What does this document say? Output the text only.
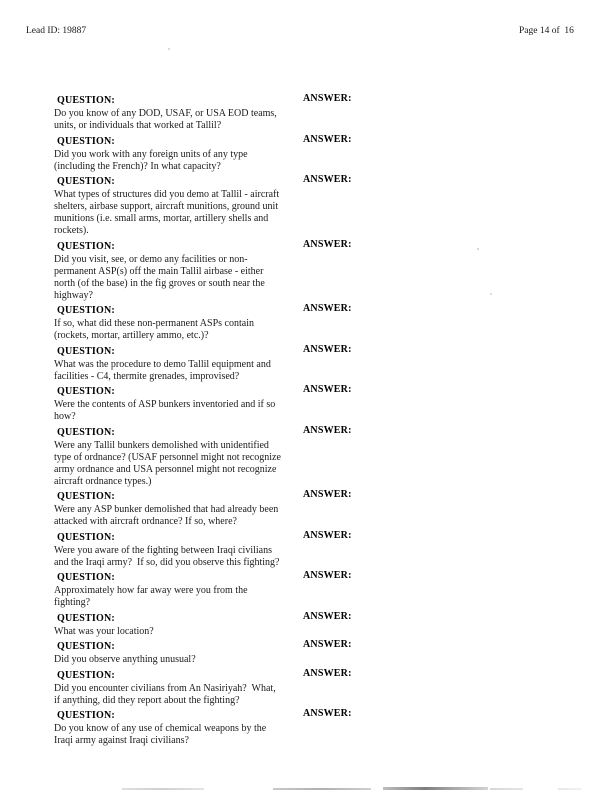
Lead ID: 19887	Page 14 of  16
QUESTION:	ANSWER:
Do you know of any DOD, USAF, or USA EOD teams,
units, or individuals that worked at Tallil?
QUESTION:	ANSWER:
Did you work with any foreign units of any type
(including the French)? In what capacity?
QUESTION:	ANSWER:
What types of structures did you demo at Tallil - aircraft
shelters, airbase support, aircraft munitions, ground unit
munitions (i.e. small arms, mortar, artillery shells and
rockets).
QUESTION:	ANSWER:
Did you visit, see, or demo any facilities or non-
permanent ASP(s) off the main Tallil airbase - either
north (of the base) in the fig groves or south near the
highway?
QUESTION:	ANSWER:
If so, what did these non-permanent ASPs contain
(rockets, mortar, artillery ammo, etc.)?
QUESTION:	ANSWER:
What was the procedure to demo Tallil equipment and
facilities - C4, thermite grenades, improvised?
QUESTION:	ANSWER:
Were the contents of ASP bunkers inventoried and if so
how?
QUESTION:	ANSWER:
Were any Tallil bunkers demolished with unidentified
type of ordnance? (USAF personnel might not recognize
army ordnance and USA personnel might not recognize
aircraft ordnance types.)
QUESTION:	ANSWER:
Were any ASP bunker demolished that had already been
attacked with aircraft ordnance? If so, where?
QUESTION:	ANSWER:
Were you aware of the fighting between Iraqi civilians
and the Iraqi army?  If so, did you observe this fighting?
QUESTION:	ANSWER:
Approximately how far away were you from the
fighting?
QUESTION:	ANSWER:
What was your location?
QUESTION:	ANSWER:
Did you observe anything unusual?
QUESTION:	ANSWER:
Did you encounter civilians from An Nasiriyah?  What,
if anything, did they report about the fighting?
QUESTION:	ANSWER:
Do you know of any use of chemical weapons by the
Iraqi army against Iraqi civilians?
